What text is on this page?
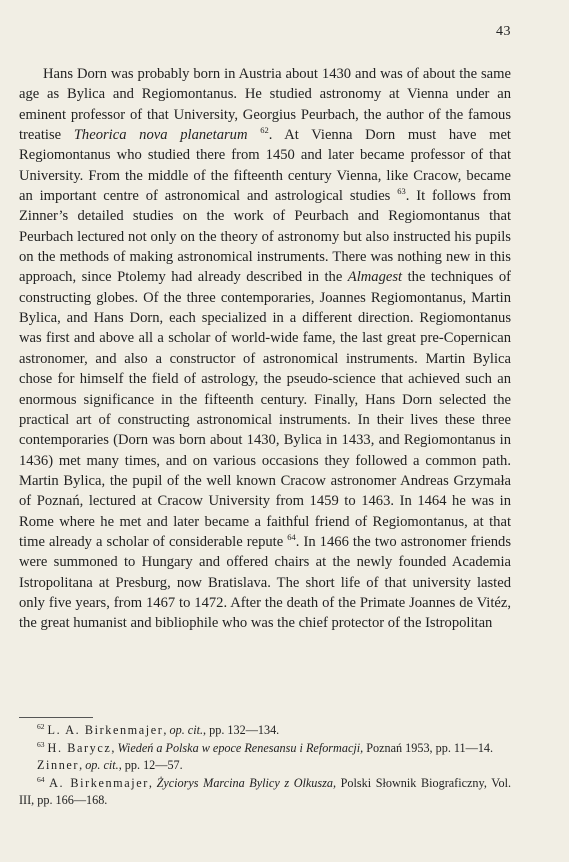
43

Hans Dorn was probably born in Austria about 1430 and was of about the same age as Bylica and Regiomontanus. He studied astronomy at Vienna under an eminent professor of that University, Georgius Peurbach, the author of the famous treatise Theorica nova planetarum $^{62}$. At Vienna Dorn must have met Regiomontanus who studied there from 1450 and later became professor of that University. From the middle of the fifteenth century Vienna, like Cracow, became an important centre of astronomical and astrological studies $^{63}$. It follows from Zinner’s detailed studies on the work of Peurbach and Regiomontanus that Peurbach lectured not only on the theory of astronomy but also instructed his pupils on the methods of making astronomical instruments. There was nothing new in this approach, since Ptolemy had already described in the Almagest the techniques of constructing globes. Of the three contemporaries, Joannes Regiomontanus, Martin Bylica, and Hans Dorn, each specialized in a different direction. Regiomontanus was first and above all a scholar of world-wide fame, the last great pre-Copernican astronomer, and also a constructor of astronomical instruments. Martin Bylica chose for himself the field of astrology, the pseudo-science that achieved such an enormous significance in the fifteenth century. Finally, Hans Dorn selected the practical art of constructing astronomical instruments. In their lives these three contemporaries (Dorn was born about 1430, Bylica in 1433, and Regiomontanus in 1436) met many times, and on various occasions they followed a common path. Martin Bylica, the pupil of the well known Cracow astronomer Andreas Grzymała of Poznań, lectured at Cracow University from 1459 to 1463. In 1464 he was in Rome where he met and later became a faithful friend of Regiomontanus, at that time already a scholar of considerable repute $^{64}$. In 1466 the two astronomer friends were summoned to Hungary and offered chairs at the newly founded Academia Istropolitana at Presburg, now Bratislava. The short life of that university lasted only five years, from 1467 to 1472. After the death of the Primate Joannes de Vitéz, the great humanist and bibliophile who was the chief protector of the Istropolitan

$^{62}$ L. A. Birkenmajer, op. cit., pp. 132—134.

$^{63}$ H. Barycz, Wiedeń a Polska w epoce Renesansu i Reformacji, Poznań 1953, pp. 11—14.

Zinner, op. cit., pp. 12—57.

$^{64}$ A. Birkenmajer, Życiorys Marcina Bylicy z Olkusza, Polski Słownik Biograficzny, Vol. III, pp. 166—168.
